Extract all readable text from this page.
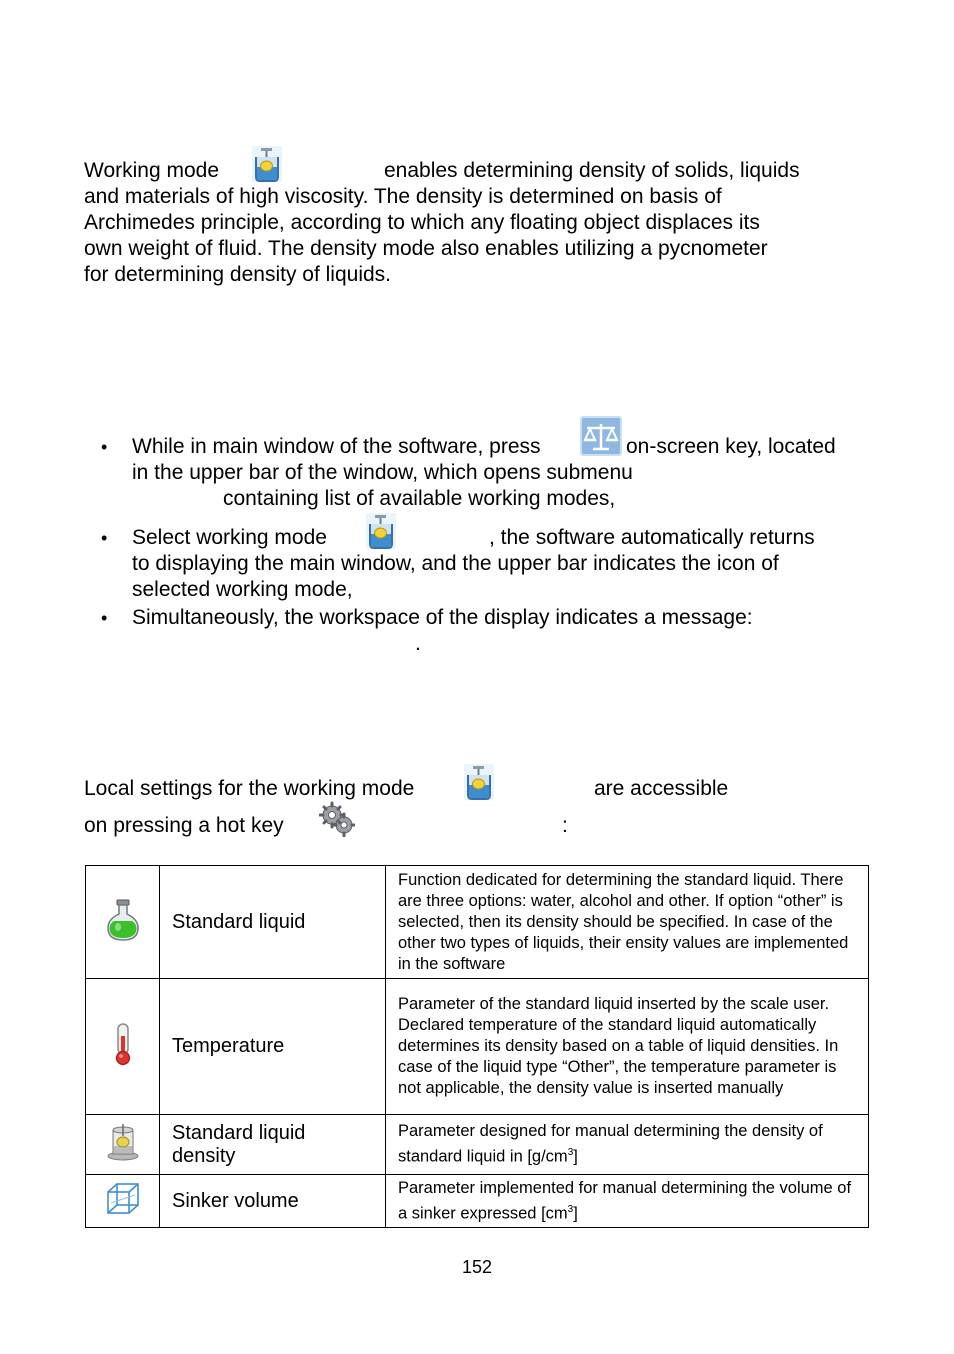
Working mode	enables determining density of solids, liquids
and materials of high viscosity. The density is determined on basis of
Archimedes principle, according to which any floating object displaces its
own weight of fluid. The density mode also enables utilizing a pycnometer
for determining density of liquids.
• While in main window of the software, press	on-screen key, located
in the upper bar of the window, which opens submenu
containing list of available working modes,
• Select working mode	, the software automatically returns
to displaying the main window, and the upper bar indicates the icon of
selected working mode,
• Simultaneously, the workspace of the display indicates a message:
.
Local settings for the working mode	are accessible
on pressing a hot key	:
	Standard liquid	Function dedicated for determining the standard liquid. There are three options: water, alcohol and other. If option “other” is selected, then its density should be specified. In case of the other two types of liquids, their ensity values are implemented in the software
	Temperature	Parameter of the standard liquid inserted by the scale user. Declared temperature of the standard liquid automatically determines its density based on a table of liquid densities. In case of the liquid type “Other”, the temperature parameter is not applicable, the density value is inserted manually
	Standard liquid
density	Parameter designed for manual determining the density of standard liquid in $[g/cm^3]$
	Sinker volume	Parameter implemented for manual determining the volume of a sinker expressed $[cm^3]$
152
